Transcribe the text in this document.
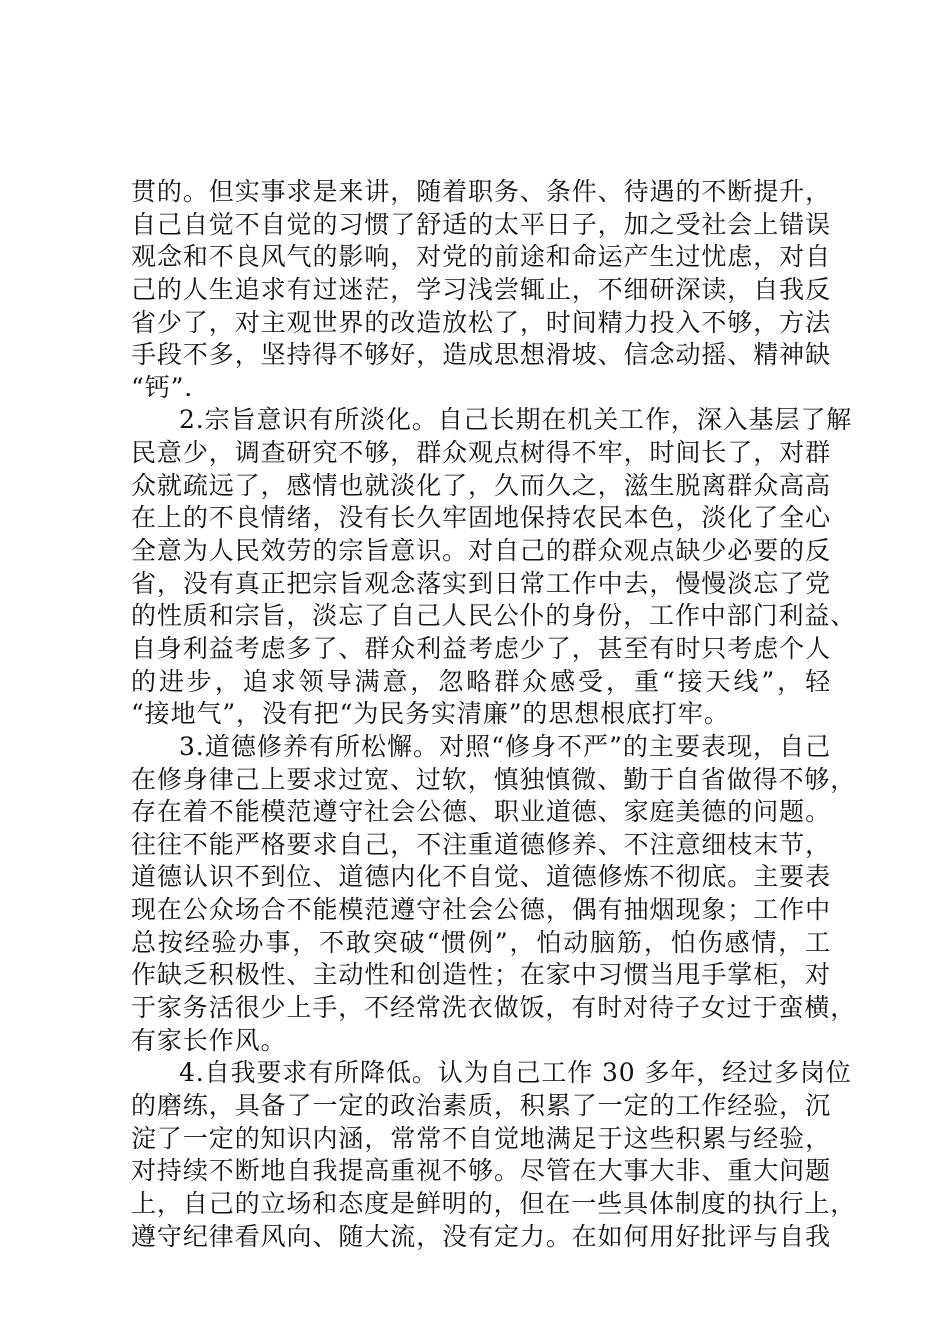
贯的。但实事求是来讲，随着职务、条件、待遇的不断提升，
自己自觉不自觉的习惯了舒适的太平日子，加之受社会上错误
观念和不良风气的影响，对党的前途和命运产生过忧虑，对自
己的人生追求有过迷茫，学习浅尝辄止，不细研深读，自我反
省少了，对主观世界的改造放松了，时间精力投入不够，方法
手段不多，坚持得不够好，造成思想滑坡、信念动摇、精神缺
“钙”.
2.宗旨意识有所淡化。自己长期在机关工作，深入基层了解
民意少，调查研究不够，群众观点树得不牢，时间长了，对群
众就疏远了，感情也就淡化了，久而久之，滋生脱离群众高高
在上的不良情绪，没有长久牢固地保持农民本色，淡化了全心
全意为人民效劳的宗旨意识。对自己的群众观点缺少必要的反
省，没有真正把宗旨观念落实到日常工作中去，慢慢淡忘了党
的性质和宗旨，淡忘了自己人民公仆的身份，工作中部门利益、
自身利益考虑多了、群众利益考虑少了，甚至有时只考虑个人
的进步，追求领导满意，忽略群众感受，重“接天线”，轻
“接地气”，没有把“为民务实清廉”的思想根底打牢。
3.道德修养有所松懈。对照“修身不严”的主要表现，自己
在修身律己上要求过宽、过软，慎独慎微、勤于自省做得不够，
存在着不能模范遵守社会公德、职业道德、家庭美德的问题。
往往不能严格要求自己，不注重道德修养、不注意细枝末节，
道德认识不到位、道德内化不自觉、道德修炼不彻底。主要表
现在公众场合不能模范遵守社会公德，偶有抽烟现象；工作中
总按经验办事，不敢突破“惯例”，怕动脑筋，怕伤感情，工
作缺乏积极性、主动性和创造性；在家中习惯当甩手掌柜，对
于家务活很少上手，不经常洗衣做饭，有时对待子女过于蛮横，
有家长作风。
4.自我要求有所降低。认为自己工作 30 多年，经过多岗位
的磨练，具备了一定的政治素质，积累了一定的工作经验，沉
淀了一定的知识内涵，常常不自觉地满足于这些积累与经验，
对持续不断地自我提高重视不够。尽管在大事大非、重大问题
上，自己的立场和态度是鲜明的，但在一些具体制度的执行上，
遵守纪律看风向、随大流，没有定力。在如何用好批评与自我
